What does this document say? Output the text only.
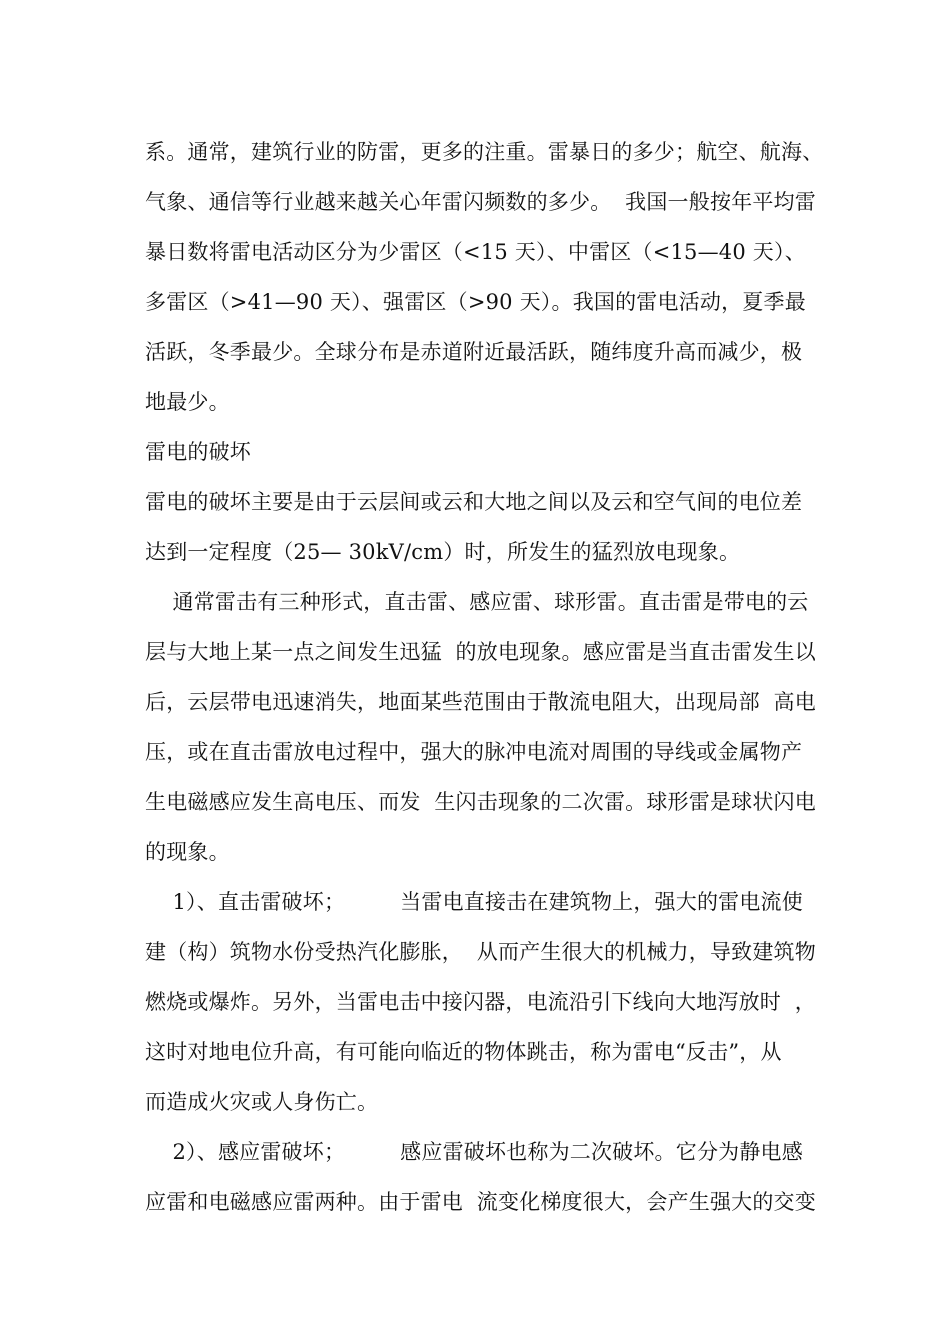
系。通常，建筑行业的防雷，更多的注重。雷暴日的多少；航空、航海、
气象、通信等行业越来越关心年雷闪频数的多少。  我国一般按年平均雷
暴日数将雷电活动区分为少雷区（<15 天）、中雷区（<15—40 天）、
多雷区（>41—90 天）、强雷区（>90 天）。我国的雷电活动，夏季最
活跃，冬季最少。全球分布是赤道附近最活跃，随纬度升高而减少，极
地最少。
雷电的破坏
雷电的破坏主要是由于云层间或云和大地之间以及云和空气间的电位差
达到一定程度（25— 30kV/cm）时，所发生的猛烈放电现象。
通常雷击有三种形式，直击雷、感应雷、球形雷。直击雷是带电的云
层与大地上某一点之间发生迅猛  的放电现象。感应雷是当直击雷发生以
后，云层带电迅速消失，地面某些范围由于散流电阻大，出现局部  高电
压，或在直击雷放电过程中，强大的脉冲电流对周围的导线或金属物产
生电磁感应发生高电压、而发  生闪击现象的二次雷。球形雷是球状闪电
的现象。
1）、直击雷破坏；        当雷电直接击在建筑物上，强大的雷电流使
建（构）筑物水份受热汽化膨胀，  从而产生很大的机械力，导致建筑物
燃烧或爆炸。另外，当雷电击中接闪器，电流沿引下线向大地泻放时  ，
这时对地电位升高，有可能向临近的物体跳击，称为雷电“反击”，从
而造成火灾或人身伤亡。
2）、感应雷破坏；        感应雷破坏也称为二次破坏。它分为静电感
应雷和电磁感应雷两种。由于雷电  流变化梯度很大，会产生强大的交变
